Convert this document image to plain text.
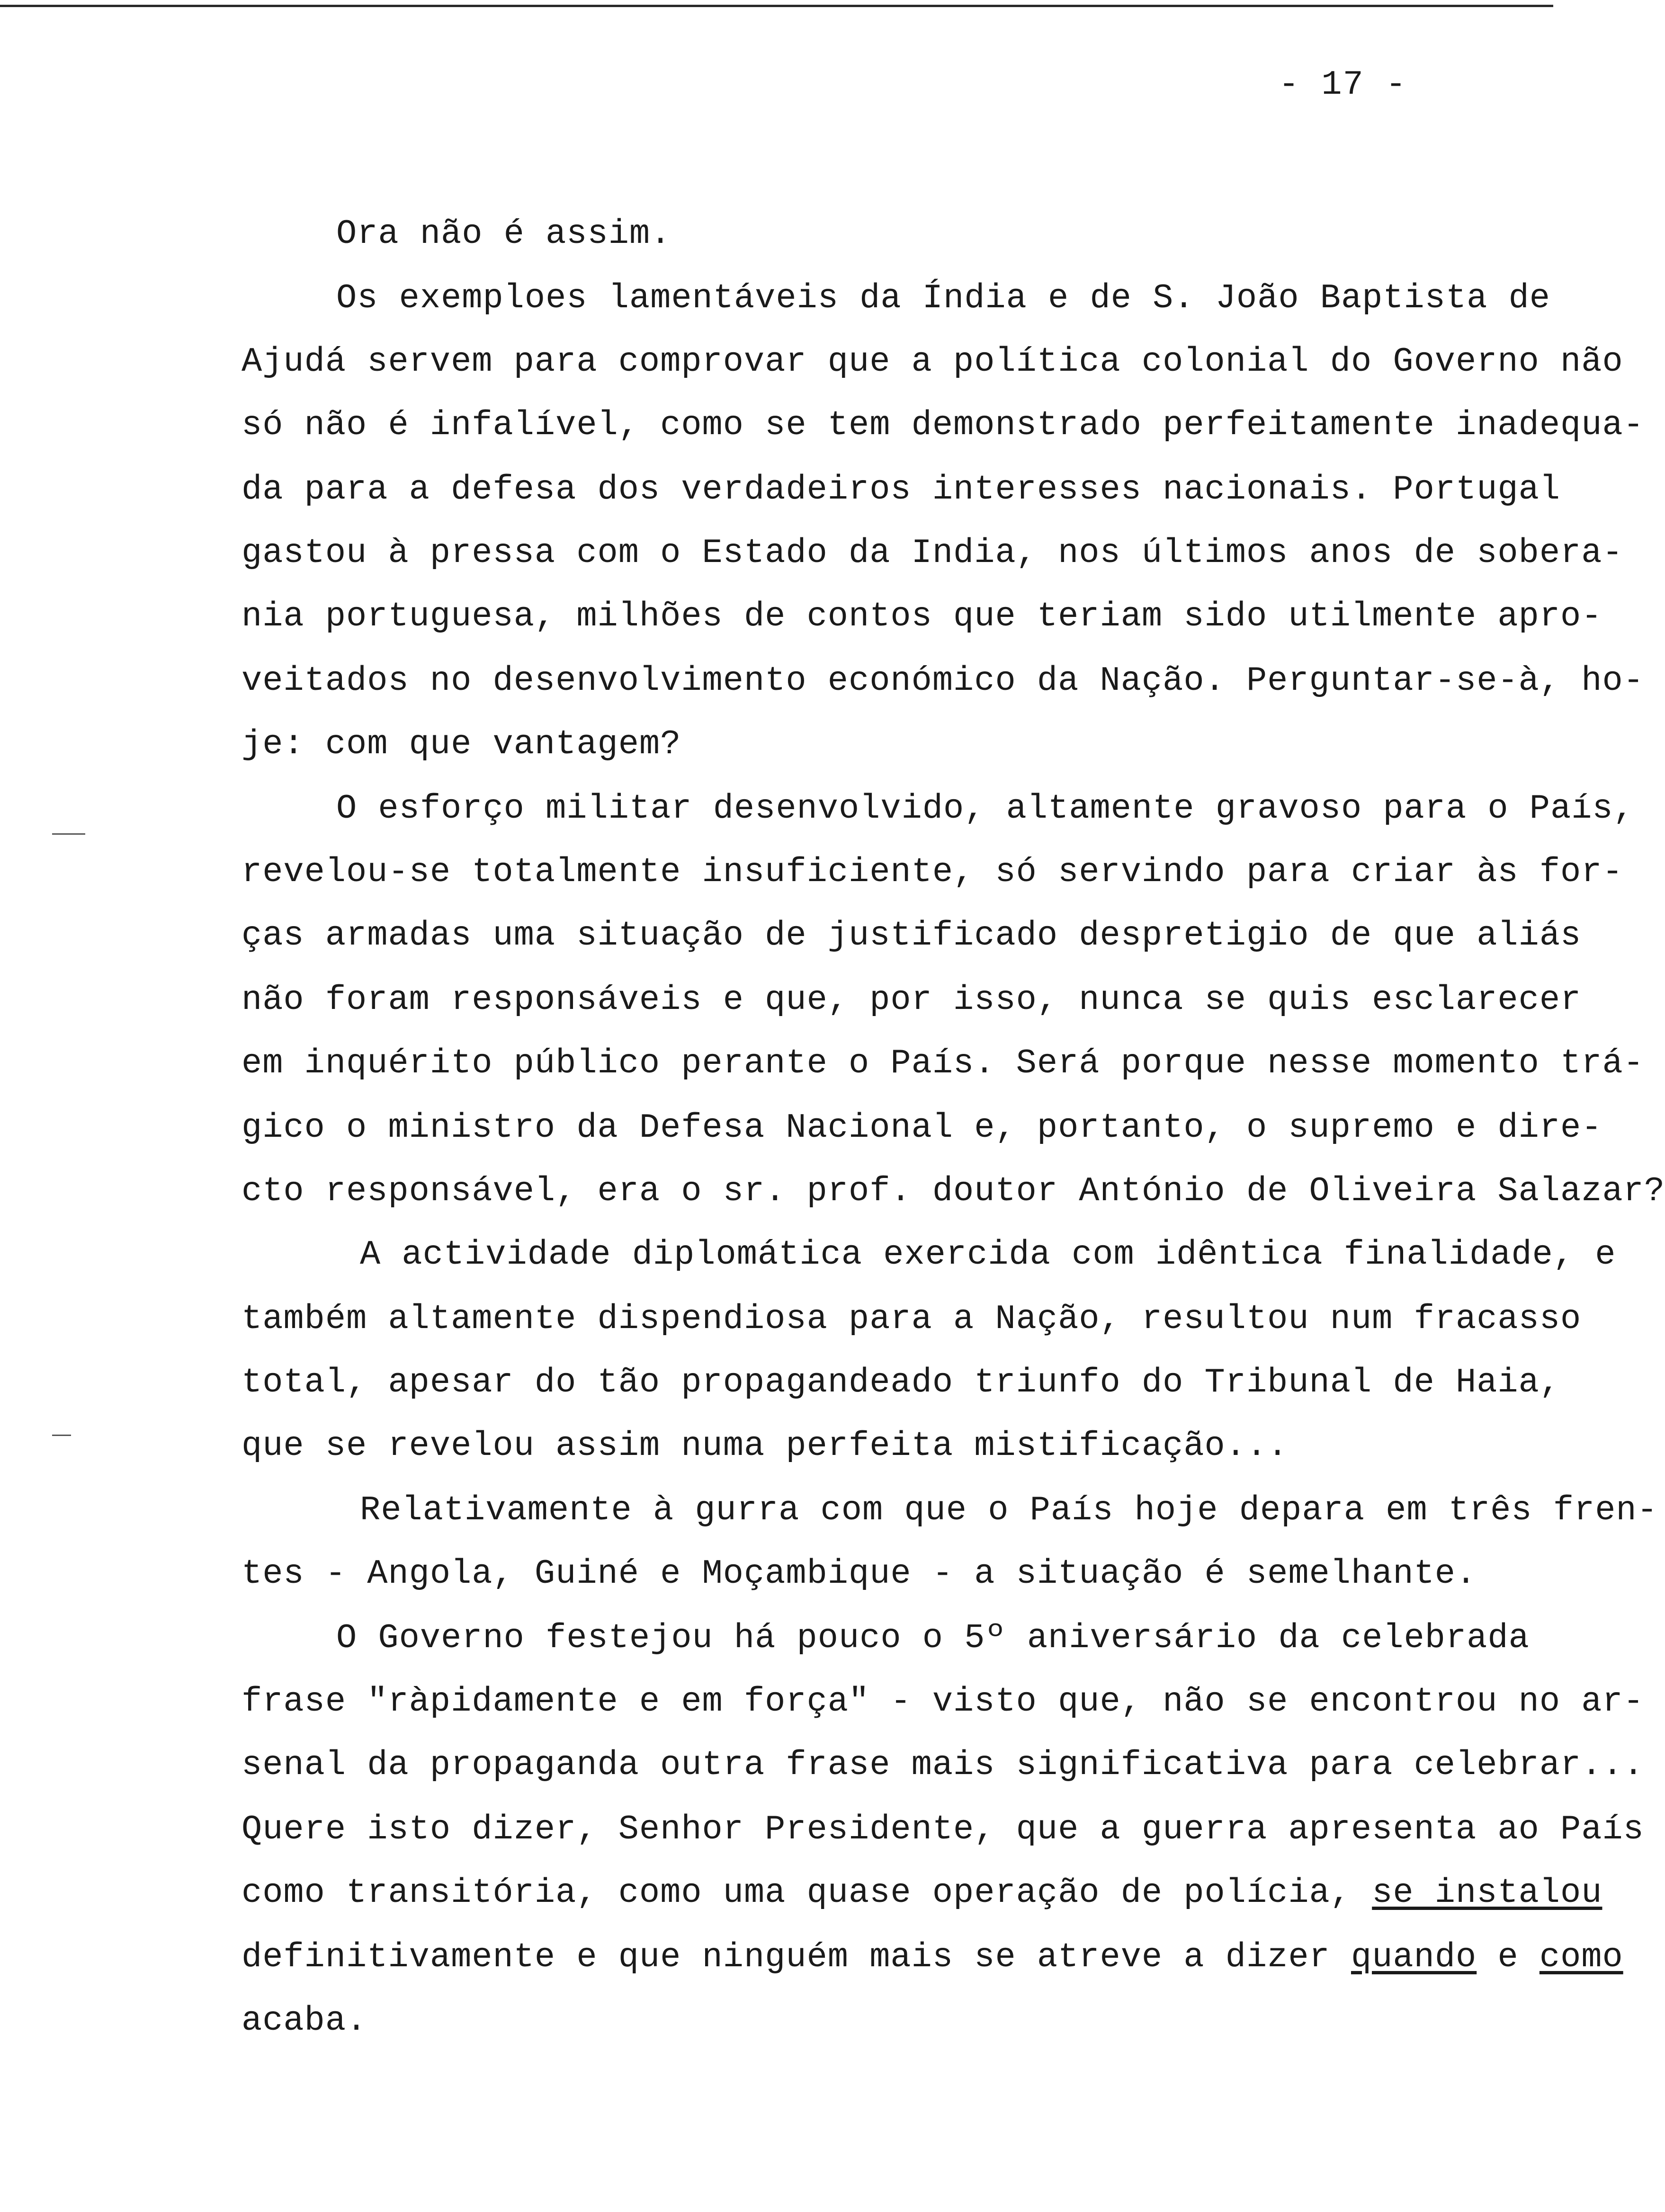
- 17 -
Ora não é assim.
Os exemploes lamentáveis da Índia e de S. João Baptista de
Ajudá servem para comprovar que a política colonial do Governo não
só não é infalível, como se tem demonstrado perfeitamente inadequa-
da para a defesa dos verdadeiros interesses nacionais. Portugal
gastou à pressa com o Estado da India, nos últimos anos de sobera-
nia portuguesa, milhões de contos que teriam sido utilmente apro-
veitados no desenvolvimento económico da Nação. Perguntar-se-à, ho-
je: com que vantagem?
O esforço militar desenvolvido, altamente gravoso para o País,
revelou-se totalmente insuficiente, só servindo para criar às for-
ças armadas uma situação de justificado despretigio de que aliás
não foram responsáveis e que, por isso, nunca se quis esclarecer
em inquérito público perante o País. Será porque nesse momento trá-
gico o ministro da Defesa Nacional e, portanto, o supremo e dire-
cto responsável, era o sr. prof. doutor António de Oliveira Salazar?
A actividade diplomática exercida com idêntica finalidade, e
também altamente dispendiosa para a Nação, resultou num fracasso
total, apesar do tão propagandeado triunfo do Tribunal de Haia,
que se revelou assim numa perfeita mistificação...
Relativamente à gurra com que o País hoje depara em três fren-
tes - Angola, Guiné e Moçambique - a situação é semelhante.
O Governo festejou há pouco o 5º aniversário da celebrada
frase "ràpidamente e em força" - visto que, não se encontrou no ar-
senal da propaganda outra frase mais significativa para celebrar...
Quere isto dizer, Senhor Presidente, que a guerra apresenta ao País
como transitória, como uma quase operação de polícia, se instalou
definitivamente e que ninguém mais se atreve a dizer quando e como
acaba.
